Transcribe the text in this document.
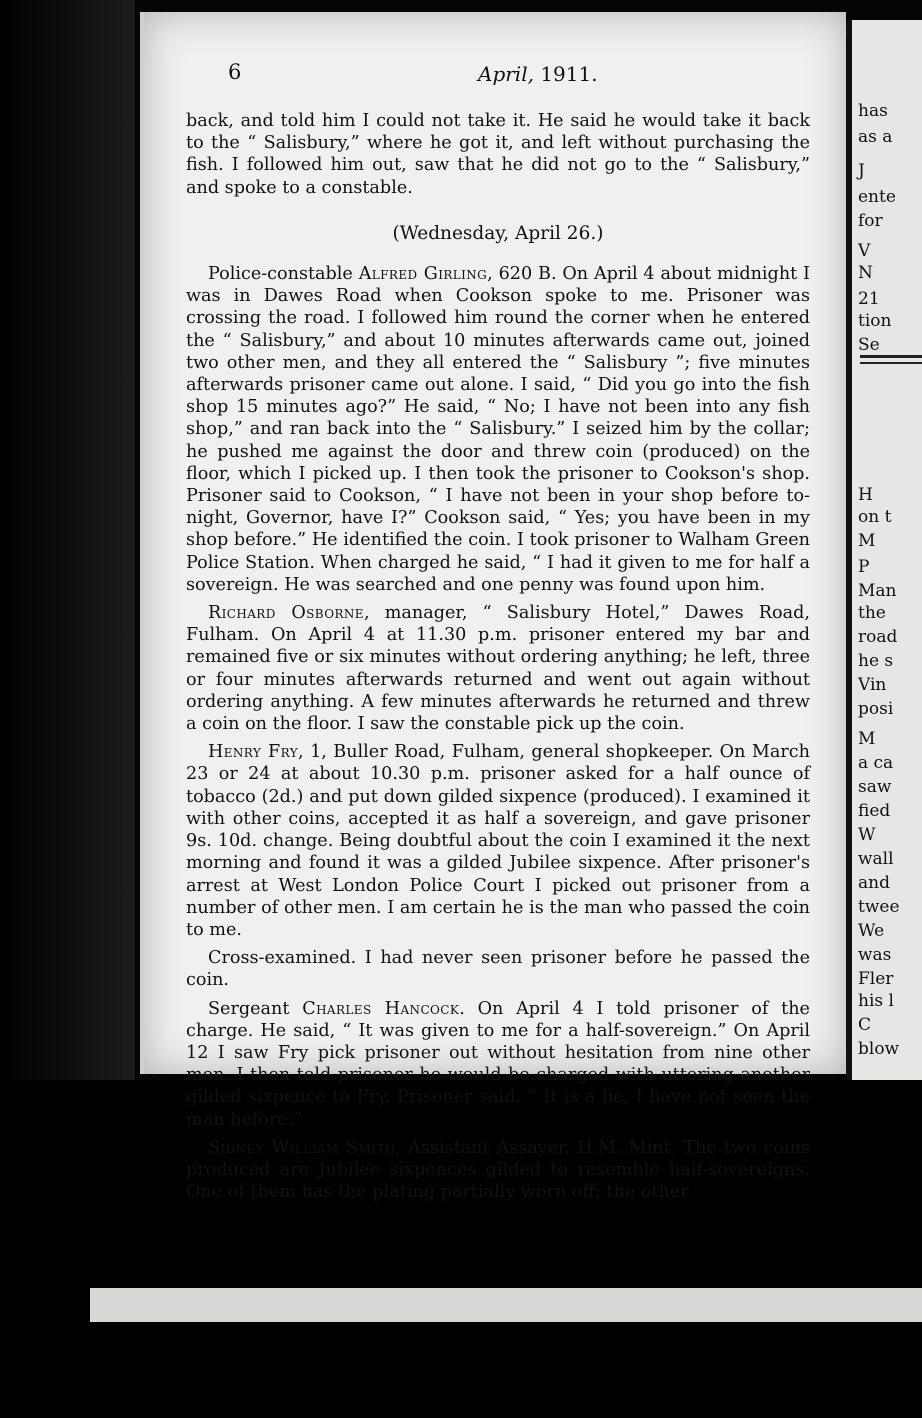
has
as a
J
ente
for
V
N
21
tion
Se
H
on t
M
P
Man
the
road
he s
Vin
posi
M
a ca
saw
fied
W
wall
and
twee
We
was
Fler
his l
C
blow
6	April, 1911.

back, and told him I could not take it. He said he would take it back to the “ Salisbury,” where he got it, and left without purchasing the fish. I followed him out, saw that he did not go to the “ Salisbury,” and spoke to a constable.

(Wednesday, April 26.)

Police-constable Alfred Girling, 620 B. On April 4 about midnight I was in Dawes Road when Cookson spoke to me. Prisoner was crossing the road. I followed him round the corner when he entered the “ Salisbury,” and about 10 minutes afterwards came out, joined two other men, and they all entered the “ Salisbury ”; five minutes afterwards prisoner came out alone. I said, “ Did you go into the fish shop 15 minutes ago?” He said, “ No; I have not been into any fish shop,” and ran back into the “ Salisbury.” I seized him by the collar; he pushed me against the door and threw coin (produced) on the floor, which I picked up. I then took the prisoner to Cookson's shop. Prisoner said to Cookson, “ I have not been in your shop before to-night, Governor, have I?” Cookson said, “ Yes; you have been in my shop before.” He identified the coin. I took prisoner to Walham Green Police Station. When charged he said, “ I had it given to me for half a sovereign. He was searched and one penny was found upon him.

Richard Osborne, manager, “ Salisbury Hotel,” Dawes Road, Fulham. On April 4 at 11.30 p.m. prisoner entered my bar and remained five or six minutes without ordering anything; he left, three or four minutes afterwards returned and went out again without ordering anything. A few minutes afterwards he returned and threw a coin on the floor. I saw the constable pick up the coin.

Henry Fry, 1, Buller Road, Fulham, general shopkeeper. On March 23 or 24 at about 10.30 p.m. prisoner asked for a half ounce of tobacco (2d.) and put down gilded sixpence (produced). I examined it with other coins, accepted it as half a sovereign, and gave prisoner 9s. 10d. change. Being doubtful about the coin I examined it the next morning and found it was a gilded Jubilee sixpence. After prisoner's arrest at West London Police Court I picked out prisoner from a number of other men. I am certain he is the man who passed the coin to me.

Cross-examined. I had never seen prisoner before he passed the coin.

Sergeant Charles Hancock. On April 4 I told prisoner of the charge. He said, “ It was given to me for a half-sovereign.” On April 12 I saw Fry pick prisoner out without hesitation from nine other men. I then told prisoner he would be charged with uttering another gilded sixpence to Fry. Prisoner said, “ It is a lie, I have not seen the man before.”

Sidney William Smith, Assistant Assayer, H.M. Mint. The two coins produced are Jubilee sixpences gilded to resemble half-sovereigns. One of them has the plating partially worn off; the other
